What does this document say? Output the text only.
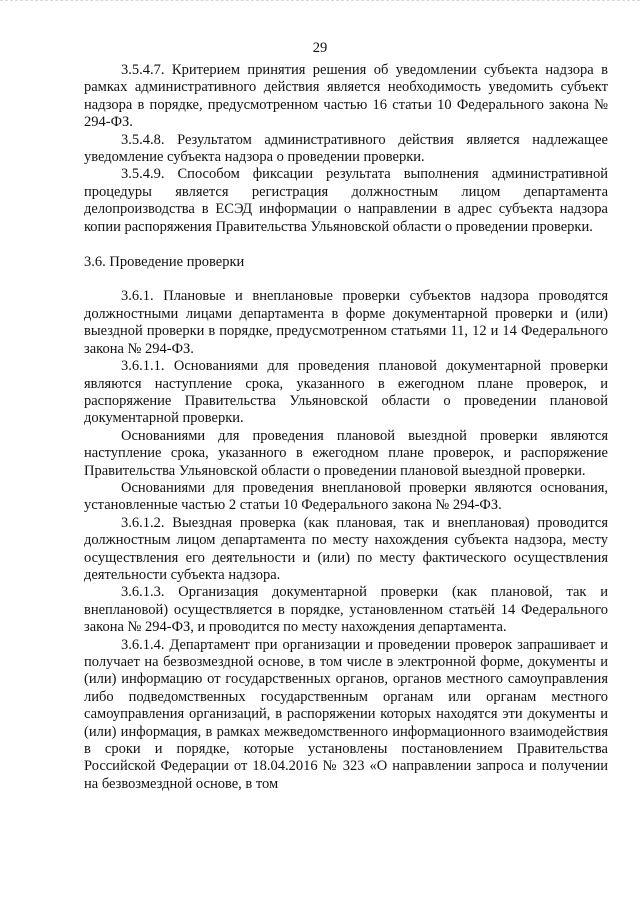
29

3.5.4.7. Критерием принятия решения об уведомлении субъекта надзора в рамках административного действия является необходимость уведомить субъект надзора в порядке, предусмотренном частью 16 статьи 10 Федерального закона № 294-ФЗ.

3.5.4.8. Результатом административного действия является надлежащее уведомление субъекта надзора о проведении проверки.

3.5.4.9. Способом фиксации результата выполнения административной процедуры является регистрация должностным лицом департамента делопроизводства в ЕСЭД информации о направлении в адрес субъекта надзора копии распоряжения Правительства Ульяновской области о проведении проверки.

3.6. Проведение проверки

3.6.1. Плановые и внеплановые проверки субъектов надзора проводятся должностными лицами департамента в форме документарной проверки и (или) выездной проверки в порядке, предусмотренном статьями 11, 12 и 14 Федерального закона № 294-ФЗ.

3.6.1.1. Основаниями для проведения плановой документарной проверки являются наступление срока, указанного в ежегодном плане проверок, и распоряжение Правительства Ульяновской области о проведении плановой документарной проверки.

Основаниями для проведения плановой выездной проверки являются наступление срока, указанного в ежегодном плане проверок, и распоряжение Правительства Ульяновской области о проведении плановой выездной проверки.

Основаниями для проведения внеплановой проверки являются основания, установленные частью 2 статьи 10 Федерального закона № 294-ФЗ.

3.6.1.2. Выездная проверка (как плановая, так и внеплановая) проводится должностным лицом департамента по месту нахождения субъекта надзора, месту осуществления его деятельности и (или) по месту фактического осуществления деятельности субъекта надзора.

3.6.1.3. Организация документарной проверки (как плановой, так и внеплановой) осуществляется в порядке, установленном статьёй 14 Федерального закона № 294-ФЗ, и проводится по месту нахождения департамента.

3.6.1.4. Департамент при организации и проведении проверок запрашивает и получает на безвозмездной основе, в том числе в электронной форме, документы и (или) информацию от государственных органов, органов местного самоуправления либо подведомственных государственным органам или органам местного самоуправления организаций, в распоряжении которых находятся эти документы и (или) информация, в рамках межведомственного информационного взаимодействия в сроки и порядке, которые установлены постановлением Правительства Российской Федерации от 18.04.2016 № 323 «О направлении запроса и получении на безвозмездной основе, в том
